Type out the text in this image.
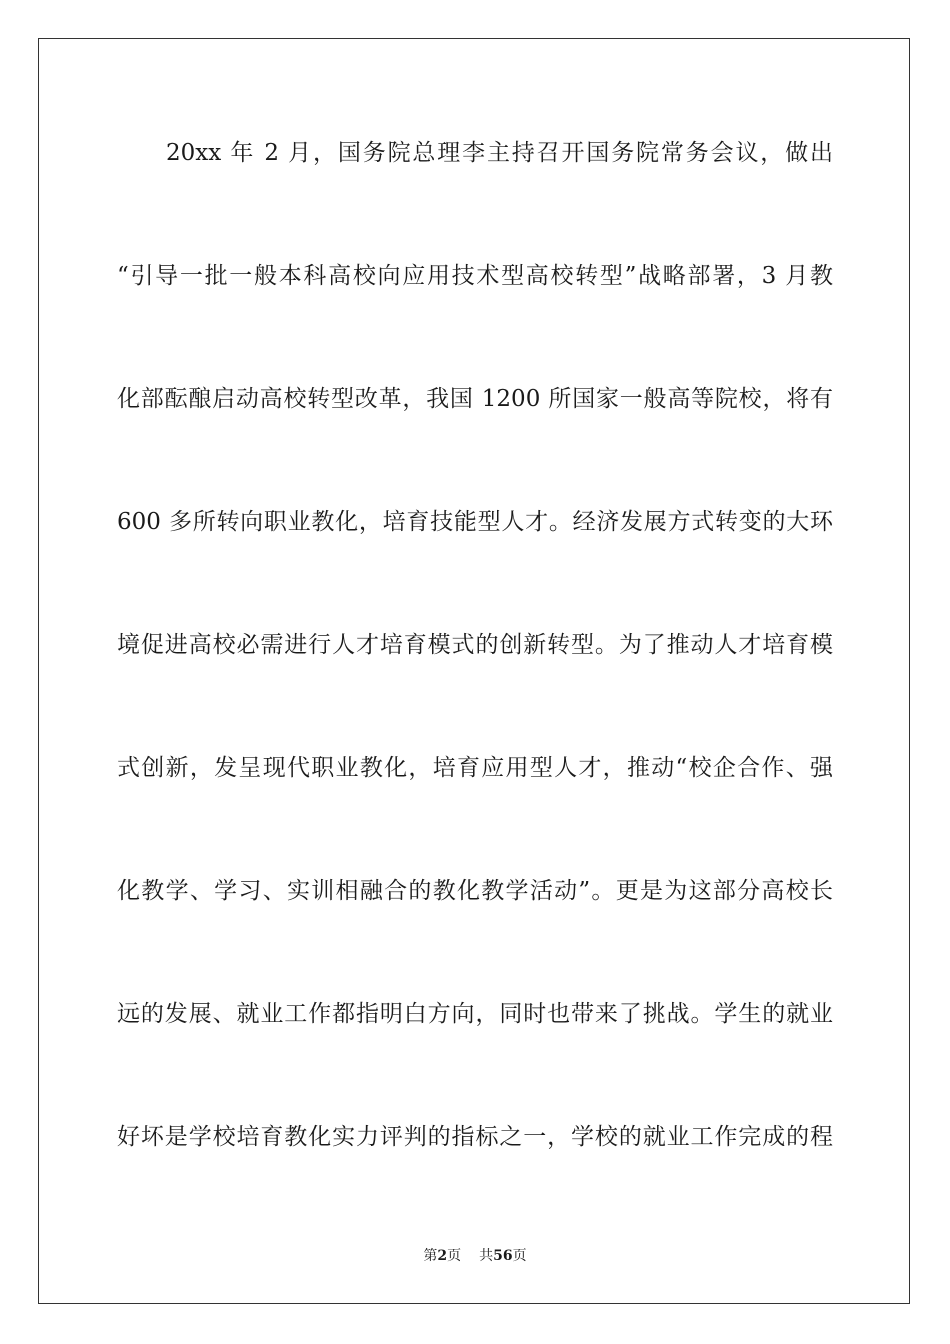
20xx 年 2 月，国务院总理李主持召开国务院常务会议，做出
“引导一批一般本科高校向应用技术型高校转型”战略部署，3 月教
化部酝酿启动高校转型改革，我国 1200 所国家一般高等院校，将有
600 多所转向职业教化，培育技能型人才。经济发展方式转变的大环
境促进高校必需进行人才培育模式的创新转型。为了推动人才培育模
式创新，发呈现代职业教化，培育应用型人才，推动“校企合作、强
化教学、学习、实训相融合的教化教学活动”。更是为这部分高校长
远的发展、就业工作都指明白方向，同时也带来了挑战。学生的就业
好坏是学校培育教化实力评判的指标之一，学校的就业工作完成的程
第2页 共56页
